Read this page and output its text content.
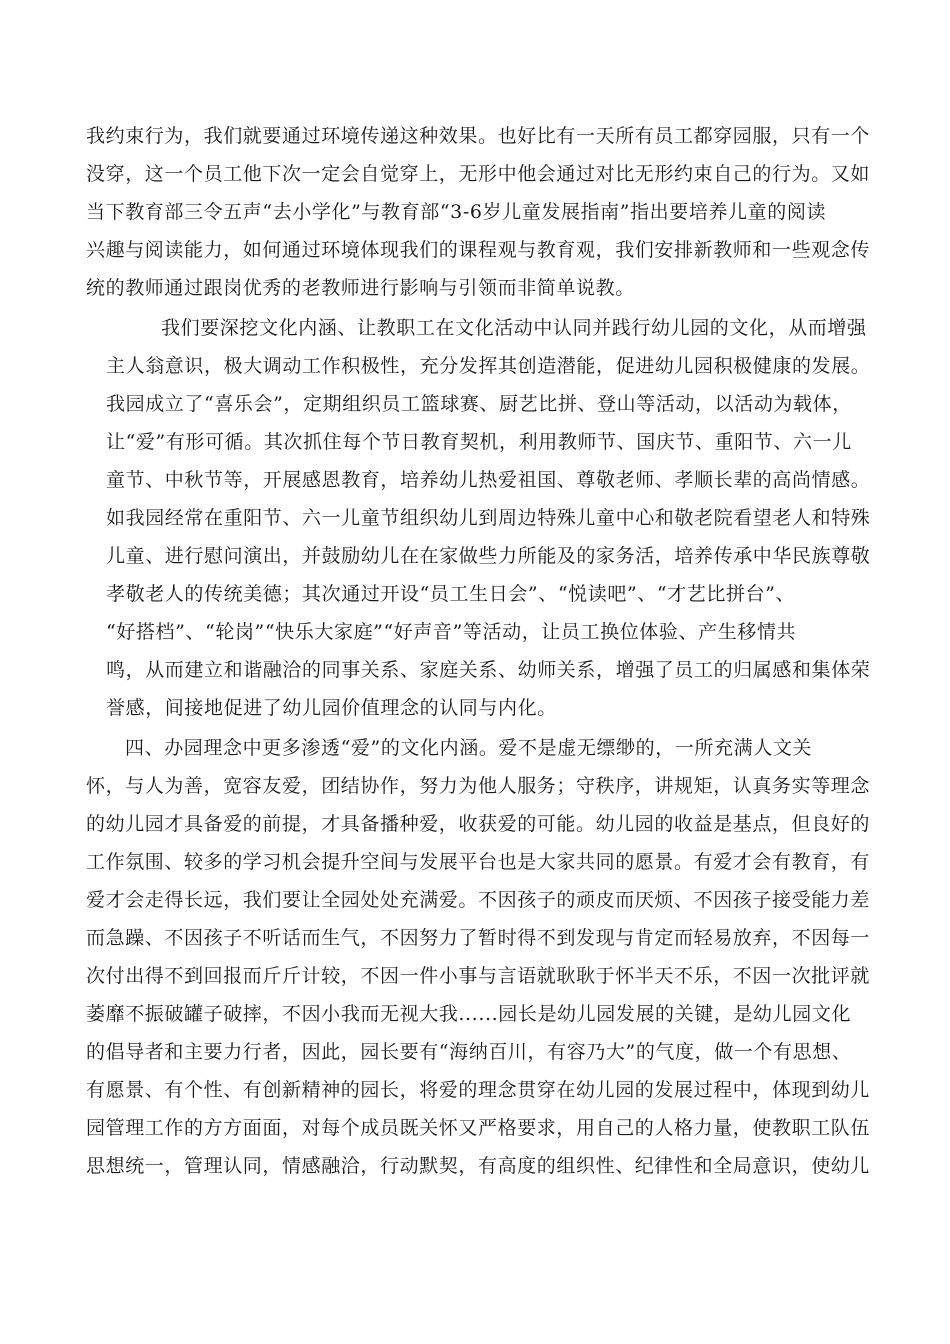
我约束行为，我们就要通过环境传递这种效果。也好比有一天所有员工都穿园服，只有一个
没穿，这一个员工他下次一定会自觉穿上，无形中他会通过对比无形约束自己的行为。又如
当下教育部三令五声“去小学化”与教育部“3-6岁儿童发展指南”指出要培养儿童的阅读
兴趣与阅读能力，如何通过环境体现我们的课程观与教育观，我们安排新教师和一些观念传
统的教师通过跟岗优秀的老教师进行影响与引领而非简单说教。
我们要深挖文化内涵、让教职工在文化活动中认同并践行幼儿园的文化，从而增强
主人翁意识，极大调动工作积极性，充分发挥其创造潜能，促进幼儿园积极健康的发展。
我园成立了“喜乐会”，定期组织员工篮球赛、厨艺比拼、登山等活动，以活动为载体，
让“爱”有形可循。其次抓住每个节日教育契机，利用教师节、国庆节、重阳节、六一儿
童节、中秋节等，开展感恩教育，培养幼儿热爱祖国、尊敬老师、孝顺长辈的高尚情感。
如我园经常在重阳节、六一儿童节组织幼儿到周边特殊儿童中心和敬老院看望老人和特殊
儿童、进行慰问演出，并鼓励幼儿在在家做些力所能及的家务活，培养传承中华民族尊敬
孝敬老人的传统美德；其次通过开设“员工生日会”、“悦读吧”、“才艺比拼台”、
“好搭档”、“轮岗”“快乐大家庭”“好声音”等活动，让员工换位体验、产生移情共
鸣，从而建立和谐融洽的同事关系、家庭关系、幼师关系，增强了员工的归属感和集体荣
誉感，间接地促进了幼儿园价值理念的认同与内化。
四、办园理念中更多渗透“爱”的文化内涵。爱不是虚无缥缈的，一所充满人文关
怀，与人为善，宽容友爱，团结协作，努力为他人服务；守秩序，讲规矩，认真务实等理念
的幼儿园才具备爱的前提，才具备播种爱，收获爱的可能。幼儿园的收益是基点，但良好的
工作氛围、较多的学习机会提升空间与发展平台也是大家共同的愿景。有爱才会有教育，有
爱才会走得长远，我们要让全园处处充满爱。不因孩子的顽皮而厌烦、不因孩子接受能力差
而急躁、不因孩子不听话而生气，不因努力了暂时得不到发现与肯定而轻易放弃，不因每一
次付出得不到回报而斤斤计较，不因一件小事与言语就耿耿于怀半天不乐，不因一次批评就
萎靡不振破罐子破摔，不因小我而无视大我......园长是幼儿园发展的关键，是幼儿园文化
的倡导者和主要力行者，因此，园长要有“海纳百川，有容乃大”的气度，做一个有思想、
有愿景、有个性、有创新精神的园长，将爱的理念贯穿在幼儿园的发展过程中，体现到幼儿
园管理工作的方方面面，对每个成员既关怀又严格要求，用自己的人格力量，使教职工队伍
思想统一，管理认同，情感融洽，行动默契，有高度的组织性、纪律性和全局意识，使幼儿
